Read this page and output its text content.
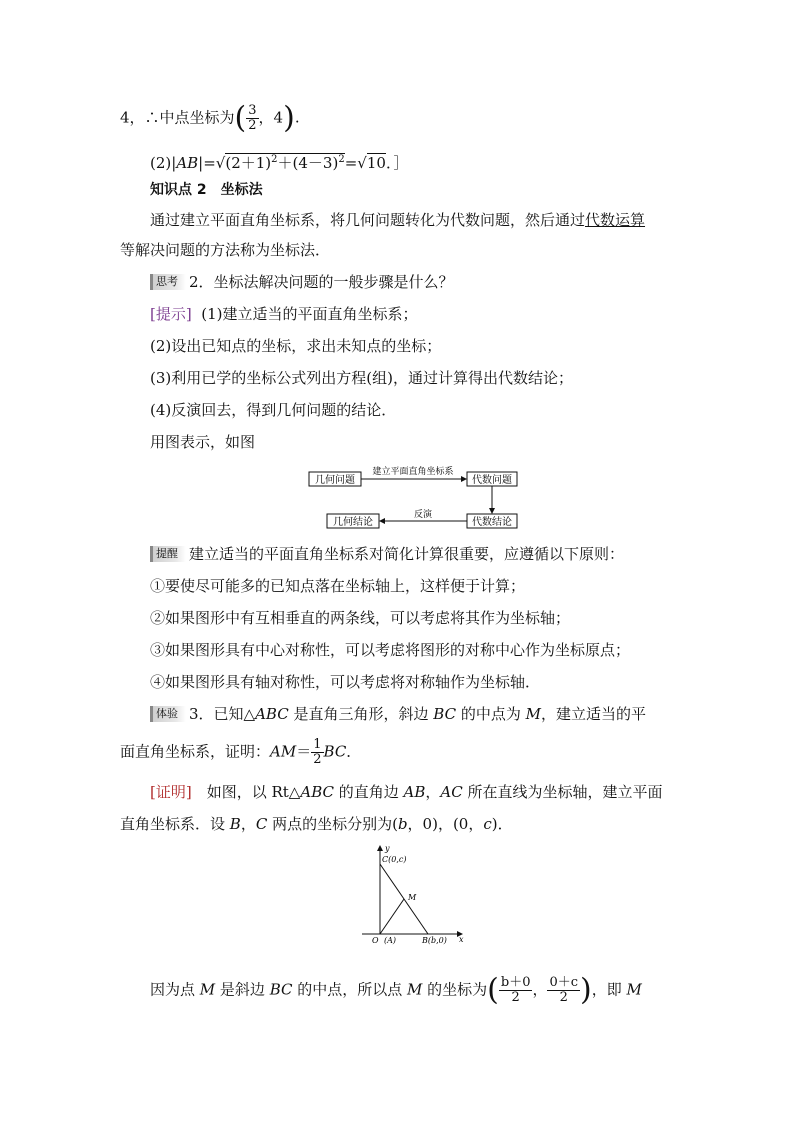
4，∴中点坐标为( $\frac{3}{2}$ ，4).
$(2)|AB|=√(2+1)^2+(4-3)^2=√10$．］
知识点 2　坐标法
通过建立平面直角坐标系，将几何问题转化为代数问题，然后通过代数运算
等解决问题的方法称为坐标法．
思考 2．坐标法解决问题的一般步骤是什么？
[提示] (1)建立适当的平面直角坐标系；
(2)设出已知点的坐标，求出未知点的坐标；
(3)利用已学的坐标公式列出方程(组)，通过计算得出代数结论；
(4)反演回去，得到几何问题的结论．
用图表示，如图
几何问题	代数问题
建立平面直角坐标系
代数结论
几何结论
反演
提醒 建立适当的平面直角坐标系对简化计算很重要，应遵循以下原则：
①要使尽可能多的已知点落在坐标轴上，这样便于计算；
②如果图形中有互相垂直的两条线，可以考虑将其作为坐标轴；
③如果图形具有中心对称性，可以考虑将图形的对称中心作为坐标原点；
④如果图形具有轴对称性，可以考虑将对称轴作为坐标轴．
体验 3．已知△ABC 是直角三角形，斜边 BC 的中点为 M，建立适当的平
面直角坐标系，证明：$AM= \frac{1}{2}$ BC．
[证明]　如图，以 Rt△ABC 的直角边 AB，AC 所在直线为坐标轴，建立平面
直角坐标系．设 B，C 两点的坐标分别为(b，0)，(0，c)．
y
x
C(0,c)
M
O (A)	B(b,0)
因为点 M 是斜边 BC 的中点，所以点 M 的坐标为( $\frac{b+0}{2}$ ， $\frac{0+c}{2}$ )，即 M
